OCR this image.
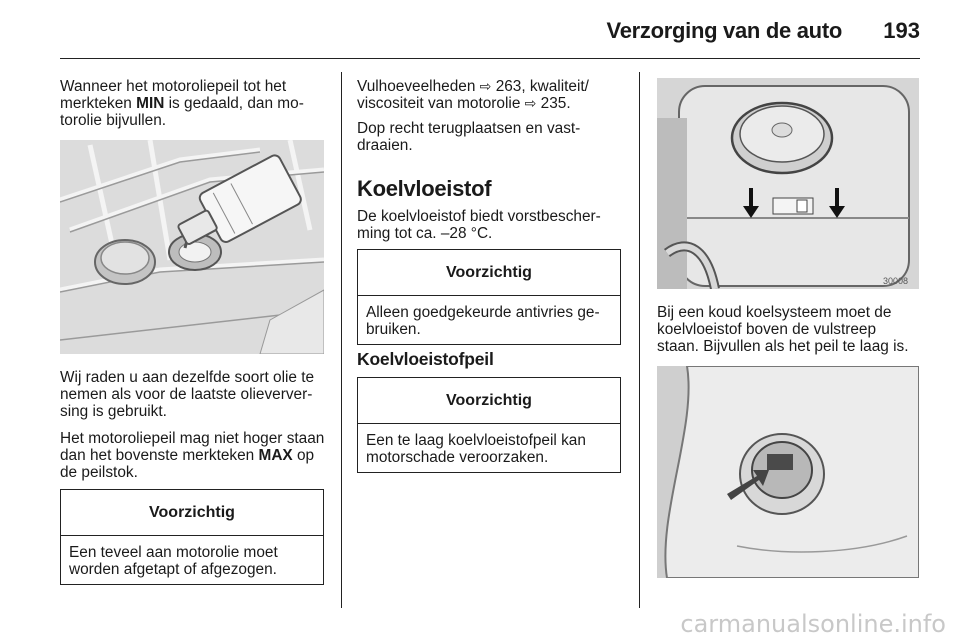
Verzorging van de auto 193

Wanneer het motoroliepeil tot het merkteken MIN is gedaald, dan mo-torolie bijvullen.

Wij raden u aan dezelfde soort olie te nemen als voor de laatste olieverver-sing is gebruikt.

Het motoroliepeil mag niet hoger staan dan het bovenste merkteken MAX op de peilstok.

Voorzichtig
Een teveel aan motorolie moet worden afgetapt of afgezogen.

Vulhoeveelheden ⇨ 263, kwaliteit/ viscositeit van motorolie ⇨ 235.

Dop recht terugplaatsen en vast-draaien.

Koelvloeistof

De koelvloeistof biedt vorstbescher-ming tot ca. –28 °C.

Voorzichtig
Alleen goedgekeurde antivries ge-bruiken.
Koelvloeistofpeil
Voorzichtig
Een te laag koelvloeistofpeil kan motorschade veroorzaken.
30008

Bij een koud koelsysteem moet de koelvloeistof boven de vulstreep staan. Bijvullen als het peil te laag is.

carmanualsonline.info
